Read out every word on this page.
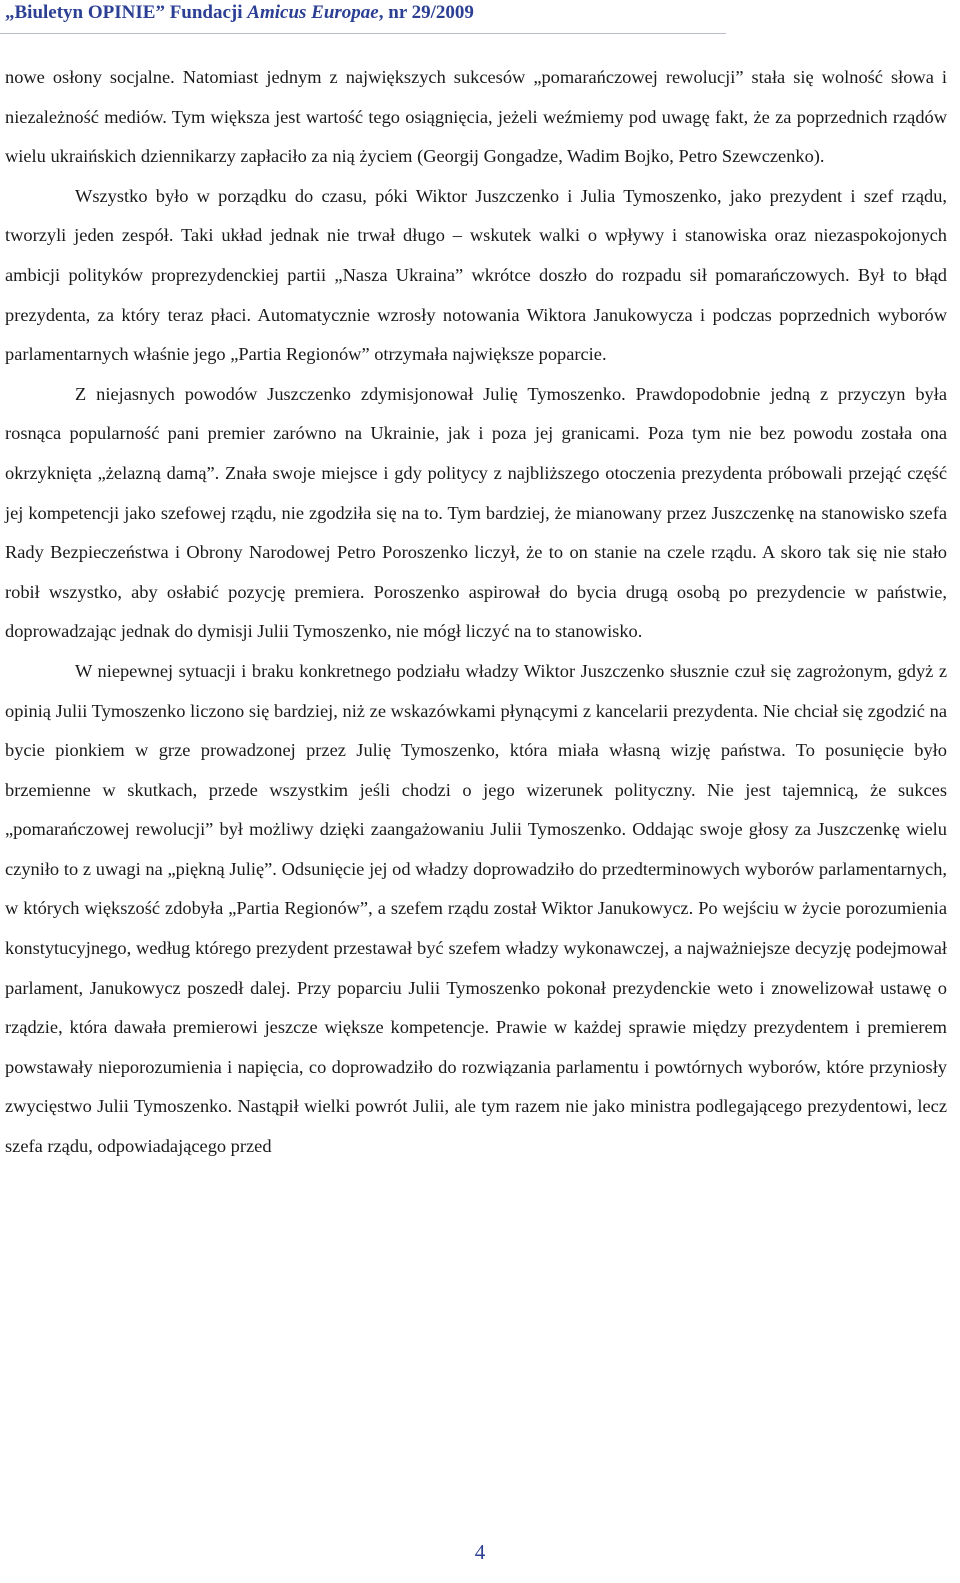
„Biuletyn OPINIE” Fundacji Amicus Europae, nr 29/2009

nowe osłony socjalne. Natomiast jednym z największych sukcesów „pomarańczowej rewolucji” stała się wolność słowa i niezależność mediów. Tym większa jest wartość tego osiągnięcia, jeżeli weźmiemy pod uwagę fakt, że za poprzednich rządów wielu ukraińskich dziennikarzy zapłaciło za nią życiem (Georgij Gongadze, Wadim Bojko, Petro Szewczenko).

Wszystko było w porządku do czasu, póki Wiktor Juszczenko i Julia Tymoszenko, jako prezydent i szef rządu, tworzyli jeden zespół. Taki układ jednak nie trwał długo – wskutek walki o wpływy i stanowiska oraz niezaspokojonych ambicji polityków proprezydenckiej partii „Nasza Ukraina” wkrótce doszło do rozpadu sił pomarańczowych. Był to błąd prezydenta, za który teraz płaci. Automatycznie wzrosły notowania Wiktora Janukowycza i podczas poprzednich wyborów parlamentarnych właśnie jego „Partia Regionów” otrzymała największe poparcie.

Z niejasnych powodów Juszczenko zdymisjonował Julię Tymoszenko. Prawdopodobnie jedną z przyczyn była rosnąca popularność pani premier zarówno na Ukrainie, jak i poza jej granicami. Poza tym nie bez powodu została ona okrzyknięta „żelazną damą”. Znała swoje miejsce i gdy politycy z najbliższego otoczenia prezydenta próbowali przejąć część jej kompetencji jako szefowej rządu, nie zgodziła się na to. Tym bardziej, że mianowany przez Juszczenkę na stanowisko szefa Rady Bezpieczeństwa i Obrony Narodowej Petro Poroszenko liczył, że to on stanie na czele rządu. A skoro tak się nie stało robił wszystko, aby osłabić pozycję premiera. Poroszenko aspirował do bycia drugą osobą po prezydencie w państwie, doprowadzając jednak do dymisji Julii Tymoszenko, nie mógł liczyć na to stanowisko.

W niepewnej sytuacji i braku konkretnego podziału władzy Wiktor Juszczenko słusznie czuł się zagrożonym, gdyż z opinią Julii Tymoszenko liczono się bardziej, niż ze wskazówkami płynącymi z kancelarii prezydenta. Nie chciał się zgodzić na bycie pionkiem w grze prowadzonej przez Julię Tymoszenko, która miała własną wizję państwa. To posunięcie było brzemienne w skutkach, przede wszystkim jeśli chodzi o jego wizerunek polityczny. Nie jest tajemnicą, że sukces „pomarańczowej rewolucji” był możliwy dzięki zaangażowaniu Julii Tymoszenko. Oddając swoje głosy za Juszczenkę wielu czyniło to z uwagi na „piękną Julię”. Odsunięcie jej od władzy doprowadziło do przedterminowych wyborów parlamentarnych, w których większość zdobyła „Partia Regionów”, a szefem rządu został Wiktor Janukowycz. Po wejściu w życie porozumienia konstytucyjnego, według którego prezydent przestawał być szefem władzy wykonawczej, a najważniejsze decyzję podejmował parlament, Janukowycz poszedł dalej. Przy poparciu Julii Tymoszenko pokonał prezydenckie weto i znowelizował ustawę o rządzie, która dawała premierowi jeszcze większe kompetencje. Prawie w każdej sprawie między prezydentem i premierem powstawały nieporozumienia i napięcia, co doprowadziło do rozwiązania parlamentu i powtórnych wyborów, które przyniosły zwycięstwo Julii Tymoszenko. Nastąpił wielki powrót Julii, ale tym razem nie jako ministra podlegającego prezydentowi, lecz szefa rządu, odpowiadającego przed

4
